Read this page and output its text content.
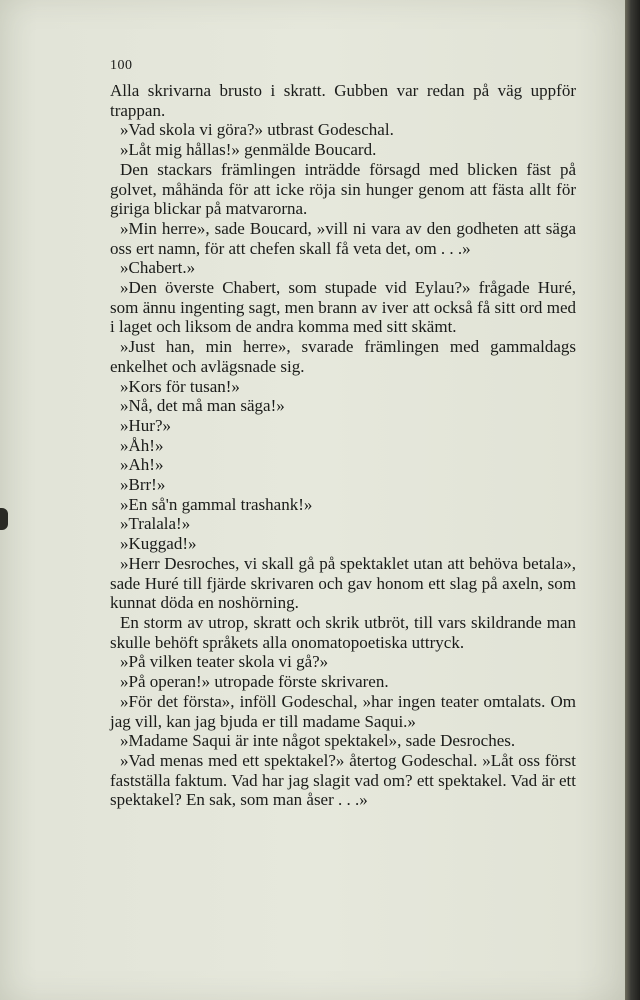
100

Alla skrivarna brusto i skratt. Gubben var redan på väg uppför trappan.

»Vad skola vi göra?» utbrast Godeschal.

»Låt mig hållas!» genmälde Boucard.

Den stackars främlingen inträdde försagd med blicken fäst på golvet, måhända för att icke röja sin hunger genom att fästa allt för giriga blickar på matvarorna.

»Min herre», sade Boucard, »vill ni vara av den godheten att säga oss ert namn, för att chefen skall få veta det, om . . .»

»Chabert.»

»Den överste Chabert, som stupade vid Eylau?» frågade Huré, som ännu ingenting sagt, men brann av iver att också få sitt ord med i laget och liksom de andra komma med sitt skämt.

»Just han, min herre», svarade främlingen med gammaldags enkelhet och avlägsnade sig.

»Kors för tusan!»

»Nå, det må man säga!»

»Hur?»

»Åh!»

»Ah!»

»Brr!»

»En så'n gammal trashank!»

»Tralala!»

»Kuggad!»

»Herr Desroches, vi skall gå på spektaklet utan att behöva betala», sade Huré till fjärde skrivaren och gav honom ett slag på axeln, som kunnat döda en noshörning.

En storm av utrop, skratt och skrik utbröt, till vars skildrande man skulle behöft språkets alla onomatopoetiska uttryck.

»På vilken teater skola vi gå?»

»På operan!» utropade förste skrivaren.

»För det första», inföll Godeschal, »har ingen teater omtalats. Om jag vill, kan jag bjuda er till madame Saqui.»

»Madame Saqui är inte något spektakel», sade Desroches.

»Vad menas med ett spektakel?» återtog Godeschal. »Låt oss först fastställa faktum. Vad har jag slagit vad om? ett spektakel. Vad är ett spektakel? En sak, som man åser . . .»
